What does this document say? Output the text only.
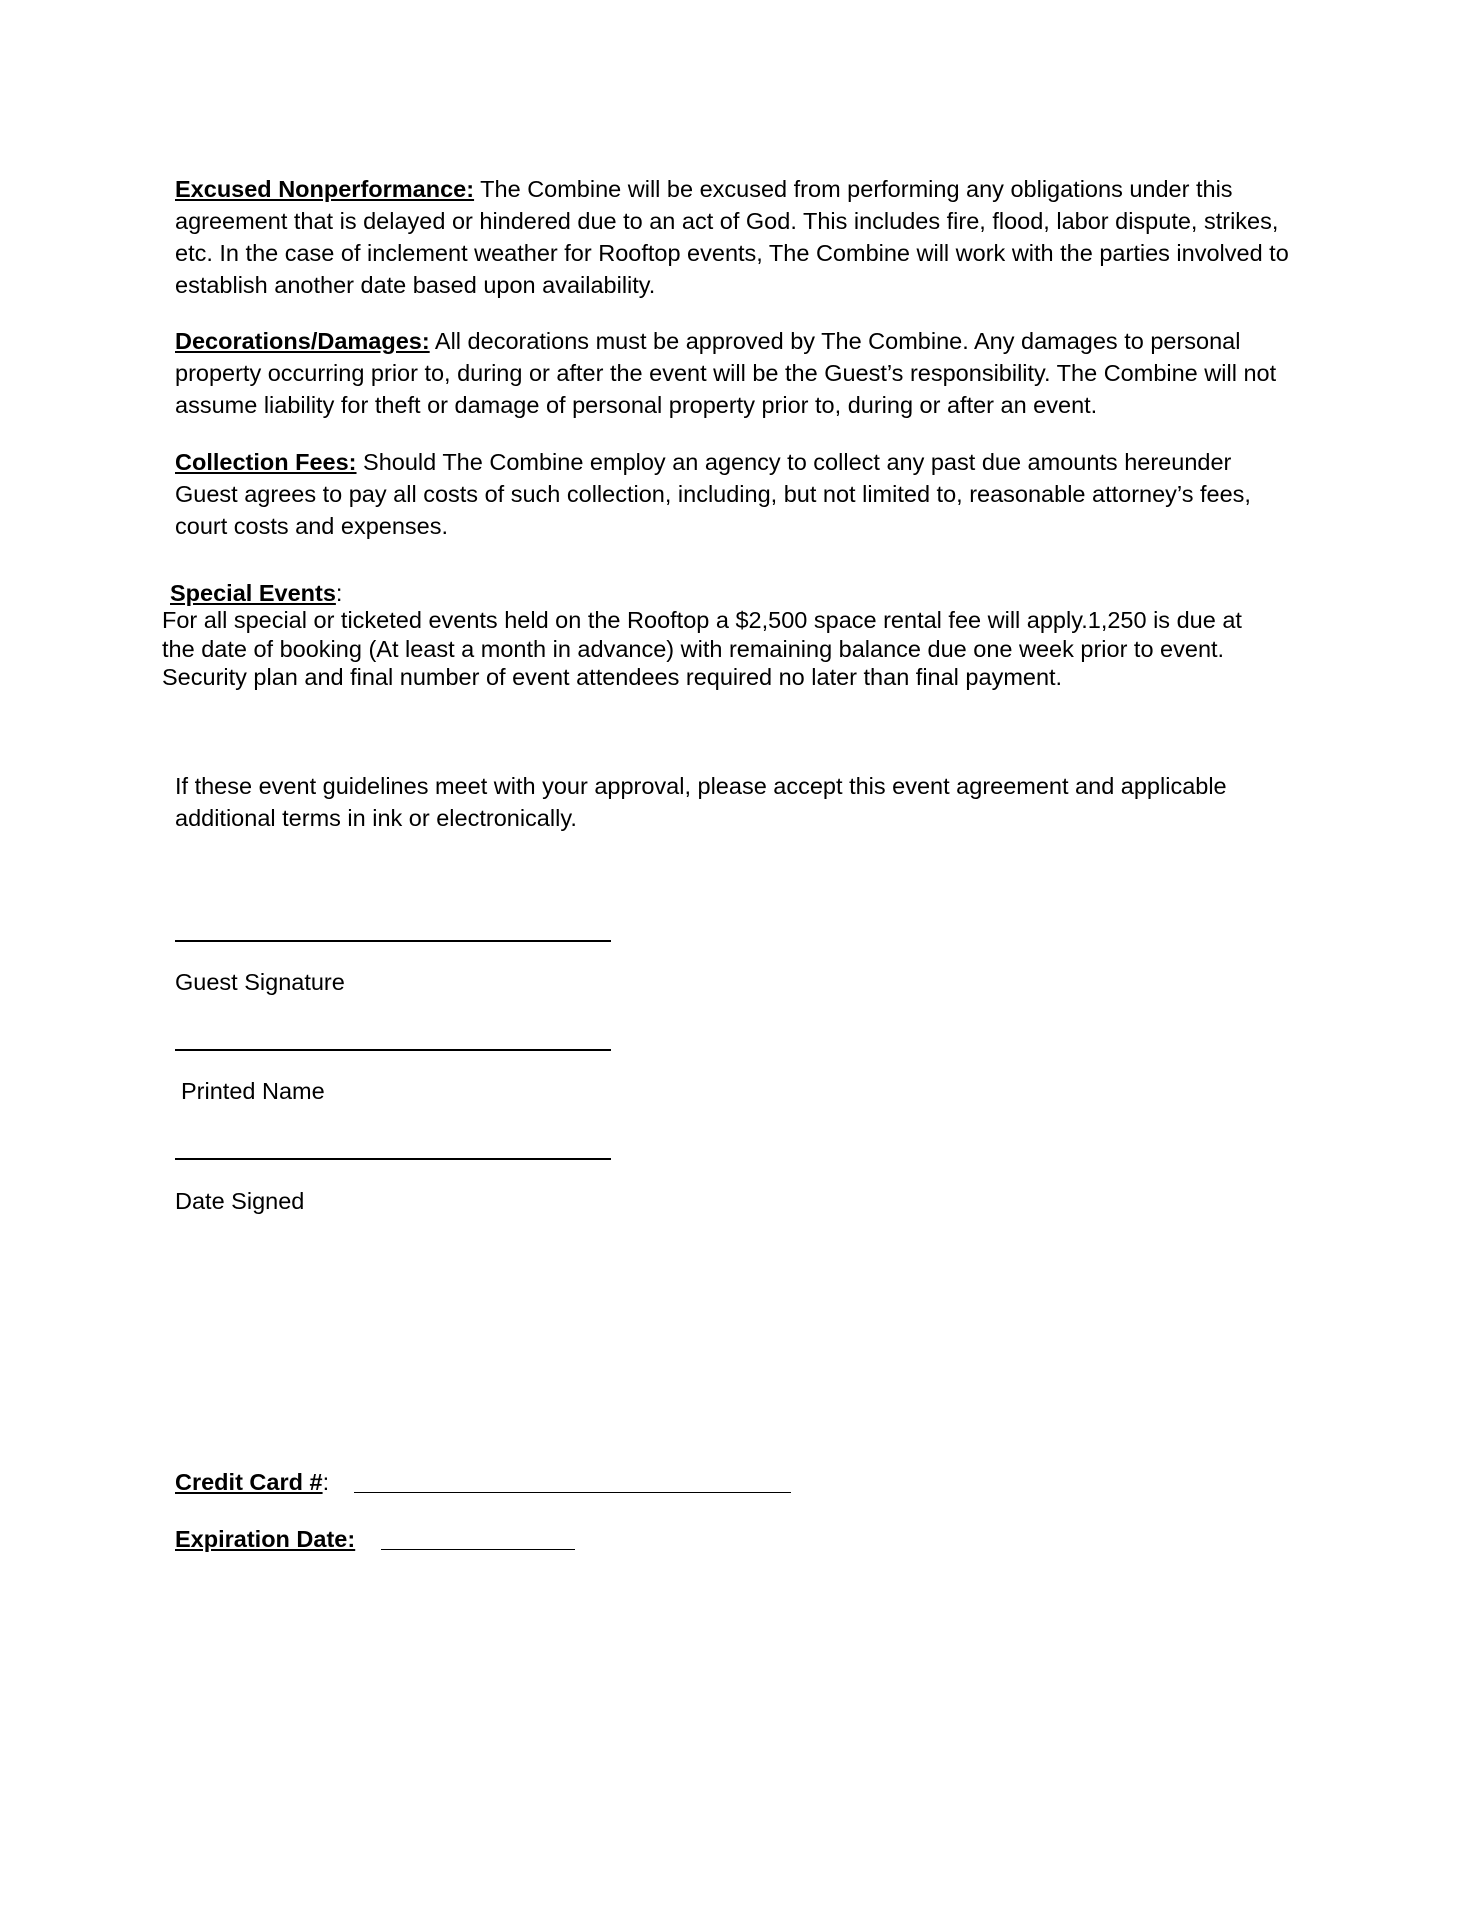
Excused Nonperformance: The Combine will be excused from performing any obligations under this agreement that is delayed or hindered due to an act of God. This includes fire, flood, labor dispute, strikes, etc. In the case of inclement weather for Rooftop events, The Combine will work with the parties involved to establish another date based upon availability.

Decorations/Damages: All decorations must be approved by The Combine. Any damages to personal property occurring prior to, during or after the event will be the Guest’s responsibility. The Combine will not assume liability for theft or damage of personal property prior to, during or after an event.

Collection Fees: Should The Combine employ an agency to collect any past due amounts hereunder Guest agrees to pay all costs of such collection, including, but not limited to, reasonable attorney’s fees, court costs and expenses.

Special Events:

For all special or ticketed events held on the Rooftop a $2,500 space rental fee will apply.1,250 is due at
the date of booking (At least a month in advance) with remaining balance due one week prior to event.
Security plan and final number of event attendees required no later than final payment.

If these event guidelines meet with your approval, please accept this event agreement and applicable additional terms in ink or electronically.

Guest Signature

Printed Name

Date Signed

Credit Card #:

Expiration Date:
